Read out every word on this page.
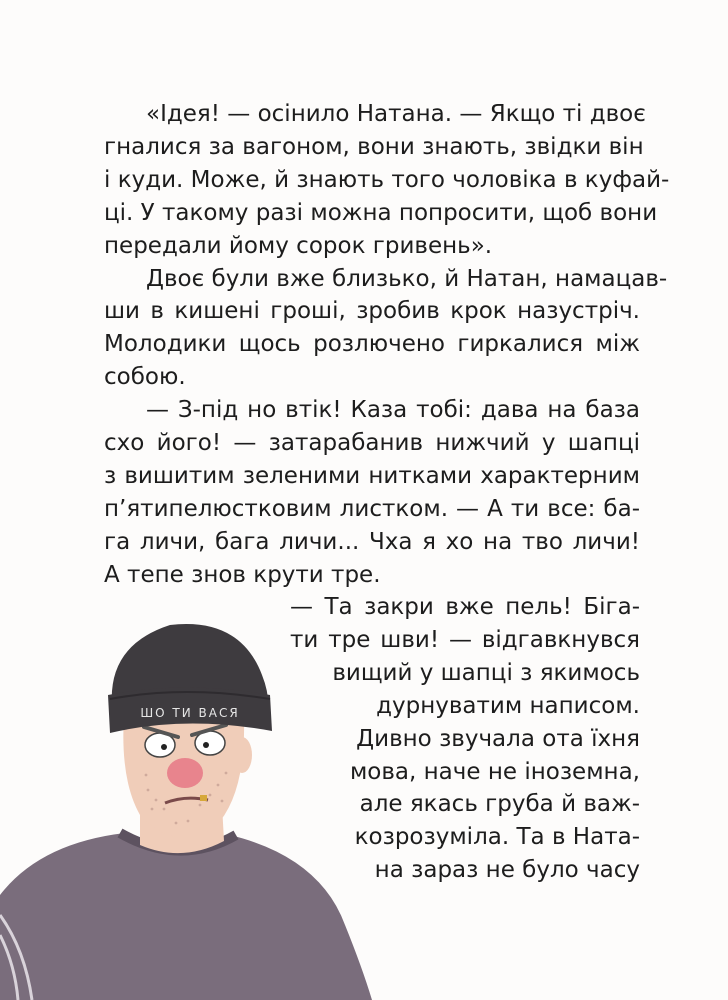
«Ідея! — осінило Натана. — Якщо ті двоє
гналися за вагоном, вони знають, звідки він
і куди. Може, й знають того чоловіка в куфай-
ці. У такому разі можна попросити, щоб вони
передали йому сорок гривень».
Двоє були вже близько, й Натан, намацав-
ши в кишені гроші, зробив крок назустріч.
Молодики щось розлючено гиркалися між
собою.
— З-під но втік! Каза тобі: дава на база
схо його! — затарабанив нижчий у шапці
з вишитим зеленими нитками характерним
п’ятипелюстковим листком. — А ти все: ба-
га личи, бага личи... Чха я хо на тво личи!
А тепе знов крути тре.
— Та закри вже пель! Біга-
ти тре шви! — відгавкнувся
вищий у шапці з якимось
дурнуватим написом.
Дивно звучала ота їхня
мова, наче не іноземна,
але якась груба й важ-
козрозуміла. Та в Ната-
на зараз не було часу
ШО ТИ ВАСЯ
